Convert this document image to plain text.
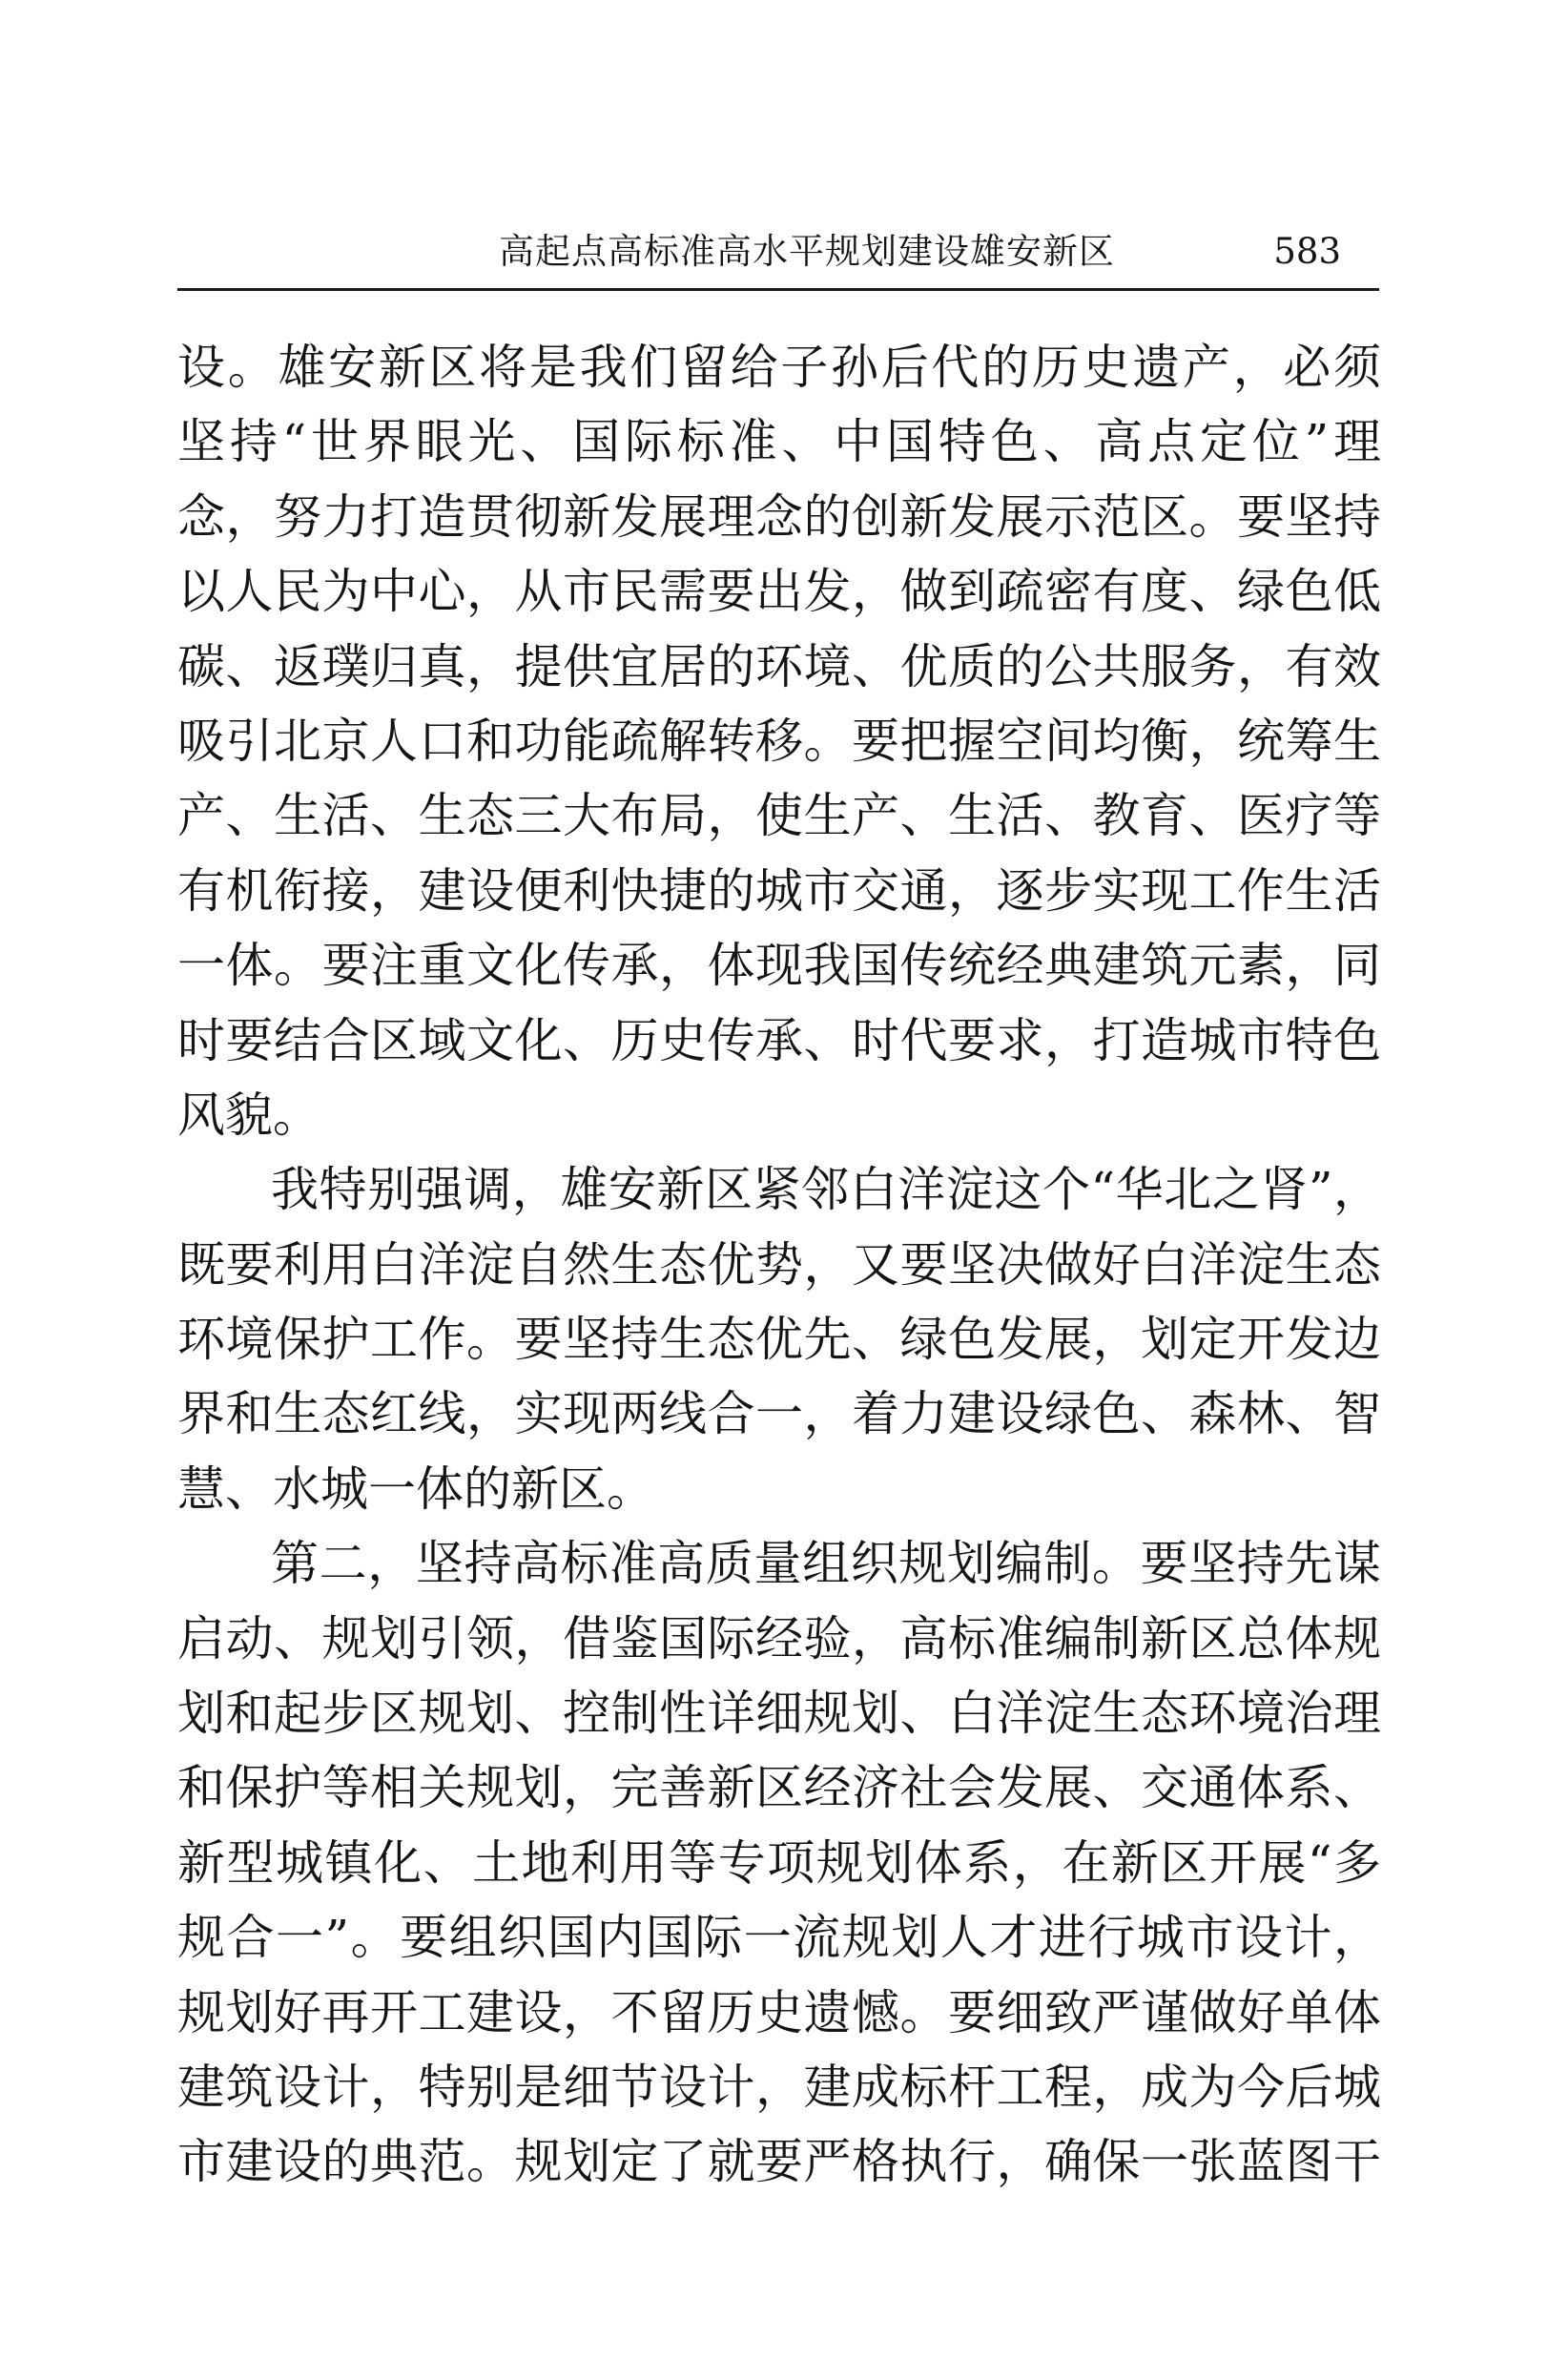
高起点高标准高水平规划建设雄安新区	583
设。雄安新区将是我们留给子孙后代的历史遗产，必须
坚持“世界眼光、国际标准、中国特色、高点定位”理
念，努力打造贯彻新发展理念的创新发展示范区。要坚持
以人民为中心，从市民需要出发，做到疏密有度、绿色低
碳、返璞归真，提供宜居的环境、优质的公共服务，有效
吸引北京人口和功能疏解转移。要把握空间均衡，统筹生
产、生活、生态三大布局，使生产、生活、教育、医疗等
有机衔接，建设便利快捷的城市交通，逐步实现工作生活
一体。要注重文化传承，体现我国传统经典建筑元素，同
时要结合区域文化、历史传承、时代要求，打造城市特色
风貌。
我特别强调，雄安新区紧邻白洋淀这个“华北之肾”，
既要利用白洋淀自然生态优势，又要坚决做好白洋淀生态
环境保护工作。要坚持生态优先、绿色发展，划定开发边
界和生态红线，实现两线合一，着力建设绿色、森林、智
慧、水城一体的新区。
第二，坚持高标准高质量组织规划编制。要坚持先谋
启动、规划引领，借鉴国际经验，高标准编制新区总体规
划和起步区规划、控制性详细规划、白洋淀生态环境治理
和保护等相关规划，完善新区经济社会发展、交通体系、
新型城镇化、土地利用等专项规划体系，在新区开展“多
规合一”。要组织国内国际一流规划人才进行城市设计，
规划好再开工建设，不留历史遗憾。要细致严谨做好单体
建筑设计，特别是细节设计，建成标杆工程，成为今后城
市建设的典范。规划定了就要严格执行，确保一张蓝图干
